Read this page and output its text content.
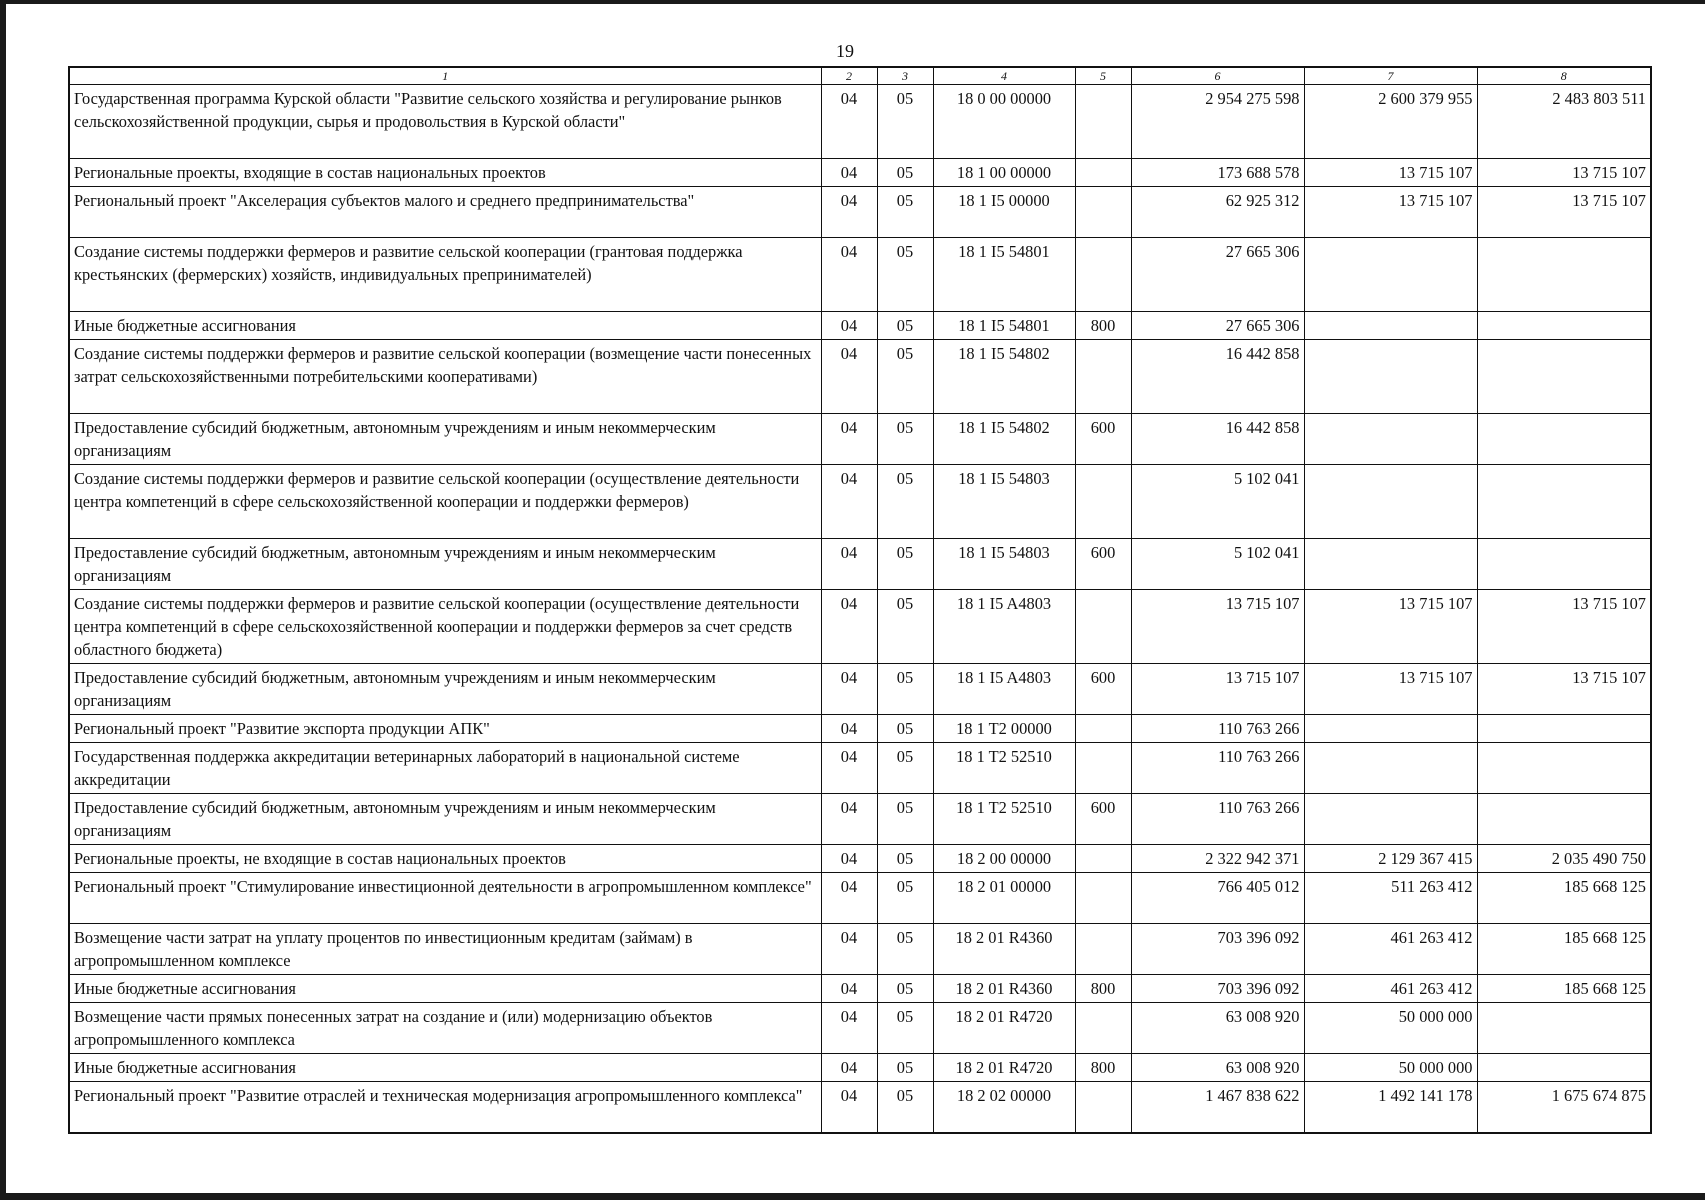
19
1	2	3	4	5	6	7	8
Государственная программа Курской области "Развитие сельского хозяйства и регулирование рынков сельскохозяйственной продукции, сырья и продовольствия в Курской области"	04	05	18 0 00 00000		2 954 275 598	2 600 379 955	2 483 803 511
Региональные проекты, входящие в состав национальных проектов	04	05	18 1 00 00000		173 688 578	13 715 107	13 715 107
Региональный проект "Акселерация субъектов малого и среднего предпринимательства"	04	05	18 1 I5 00000		62 925 312	13 715 107	13 715 107
Создание системы поддержки фермеров и развитие сельской кооперации (грантовая поддержка крестьянских (фермерских) хозяйств, индивидуальных препринимателей)	04	05	18 1 I5 54801		27 665 306		
Иные бюджетные ассигнования	04	05	18 1 I5 54801	800	27 665 306		
Создание системы поддержки фермеров и развитие сельской кооперации (возмещение части понесенных затрат сельскохозяйственными потребительскими кооперативами)	04	05	18 1 I5 54802		16 442 858		
Предоставление субсидий бюджетным, автономным учреждениям и иным некоммерческим организациям	04	05	18 1 I5 54802	600	16 442 858		
Создание системы поддержки фермеров и развитие сельской кооперации (осуществление деятельности центра компетенций в сфере сельскохозяйственной кооперации и поддержки фермеров)	04	05	18 1 I5 54803		5 102 041		
Предоставление субсидий бюджетным, автономным учреждениям и иным некоммерческим организациям	04	05	18 1 I5 54803	600	5 102 041		
Создание системы поддержки фермеров и развитие сельской кооперации (осуществление деятельности центра компетенций в сфере сельскохозяйственной кооперации и поддержки фермеров за счет средств областного бюджета)	04	05	18 1 I5 A4803		13 715 107	13 715 107	13 715 107
Предоставление субсидий бюджетным, автономным учреждениям и иным некоммерческим организациям	04	05	18 1 I5 A4803	600	13 715 107	13 715 107	13 715 107
Региональный проект "Развитие экспорта продукции АПК"	04	05	18 1 T2 00000		110 763 266		
Государственная поддержка аккредитации ветеринарных лабораторий в национальной системе аккредитации	04	05	18 1 T2 52510		110 763 266		
Предоставление субсидий бюджетным, автономным учреждениям и иным некоммерческим организациям	04	05	18 1 T2 52510	600	110 763 266		
Региональные проекты, не входящие в состав национальных проектов	04	05	18 2 00 00000		2 322 942 371	2 129 367 415	2 035 490 750
Региональный проект "Стимулирование инвестиционной деятельности в агропромышленном комплексе"	04	05	18 2 01 00000		766 405 012	511 263 412	185 668 125
Возмещение части затрат на уплату процентов по инвестиционным кредитам (займам) в агропромышленном комплексе	04	05	18 2 01 R4360		703 396 092	461 263 412	185 668 125
Иные бюджетные ассигнования	04	05	18 2 01 R4360	800	703 396 092	461 263 412	185 668 125
Возмещение части прямых понесенных затрат на создание и (или) модернизацию объектов агропромышленного комплекса	04	05	18 2 01 R4720		63 008 920	50 000 000	
Иные бюджетные ассигнования	04	05	18 2 01 R4720	800	63 008 920	50 000 000	
Региональный проект "Развитие отраслей и техническая модернизация агропромышленного комплекса"	04	05	18 2 02 00000		1 467 838 622	1 492 141 178	1 675 674 875
